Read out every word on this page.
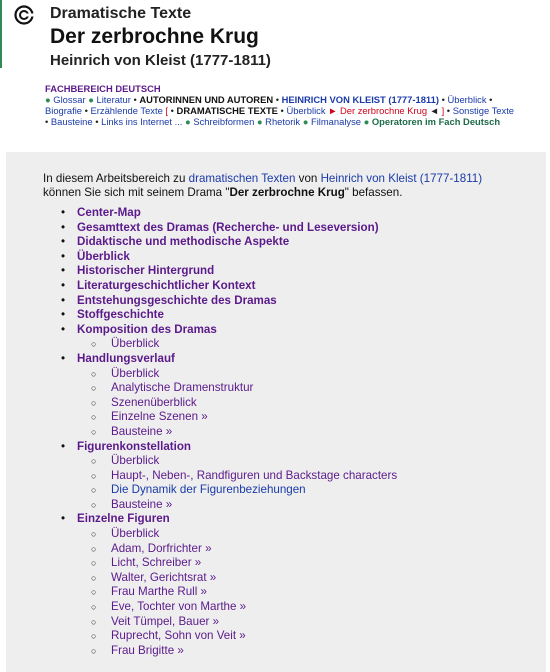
Dramatische Texte
Der zerbrochne Krug
Heinrich von Kleist (1777-1811)
FACHBEREICH DEUTSCH
● Glossar ● Literatur • AUTORINNEN UND AUTOREN • HEINRICH VON KLEIST (1777-1811) • Überblick •
Biografie • Erzählende Texte [ • DRAMATISCHE TEXTE • Überblick ► Der zerbrochne Krug ◄ ] • Sonstige Texte
• Bausteine • Links ins Internet ... ● Schreibformen ● Rhetorik ● Filmanalyse ● Operatoren im Fach Deutsch
In diesem Arbeitsbereich zu dramatischen Texten von Heinrich von Kleist (1777-1811) können Sie sich mit seinem Drama "Der zerbrochne Krug" befassen.
• Center-Map
• Gesamttext des Dramas (Recherche- und Leseversion)
• Didaktische und methodische Aspekte
• Überblick
• Historischer Hintergrund
• Literaturgeschichtlicher Kontext
• Entstehungsgeschichte des Dramas
• Stoffgeschichte
• Komposition des Dramas
○ Überblick
• Handlungsverlauf
○ Überblick
○ Analytische Dramenstruktur
○ Szenenüberblick
○ Einzelne Szenen »
○ Bausteine »
• Figurenkonstellation
○ Überblick
○ Haupt-, Neben-, Randfiguren und Backstage characters
○ Die Dynamik der Figurenbeziehungen
○ Bausteine »
• Einzelne Figuren
○ Überblick
○ Adam, Dorfrichter »
○ Licht, Schreiber »
○ Walter, Gerichtsrat »
○ Frau Marthe Rull »
○ Eve, Tochter von Marthe »
○ Veit Tümpel, Bauer »
○ Ruprecht, Sohn von Veit »
○ Frau Brigitte »
